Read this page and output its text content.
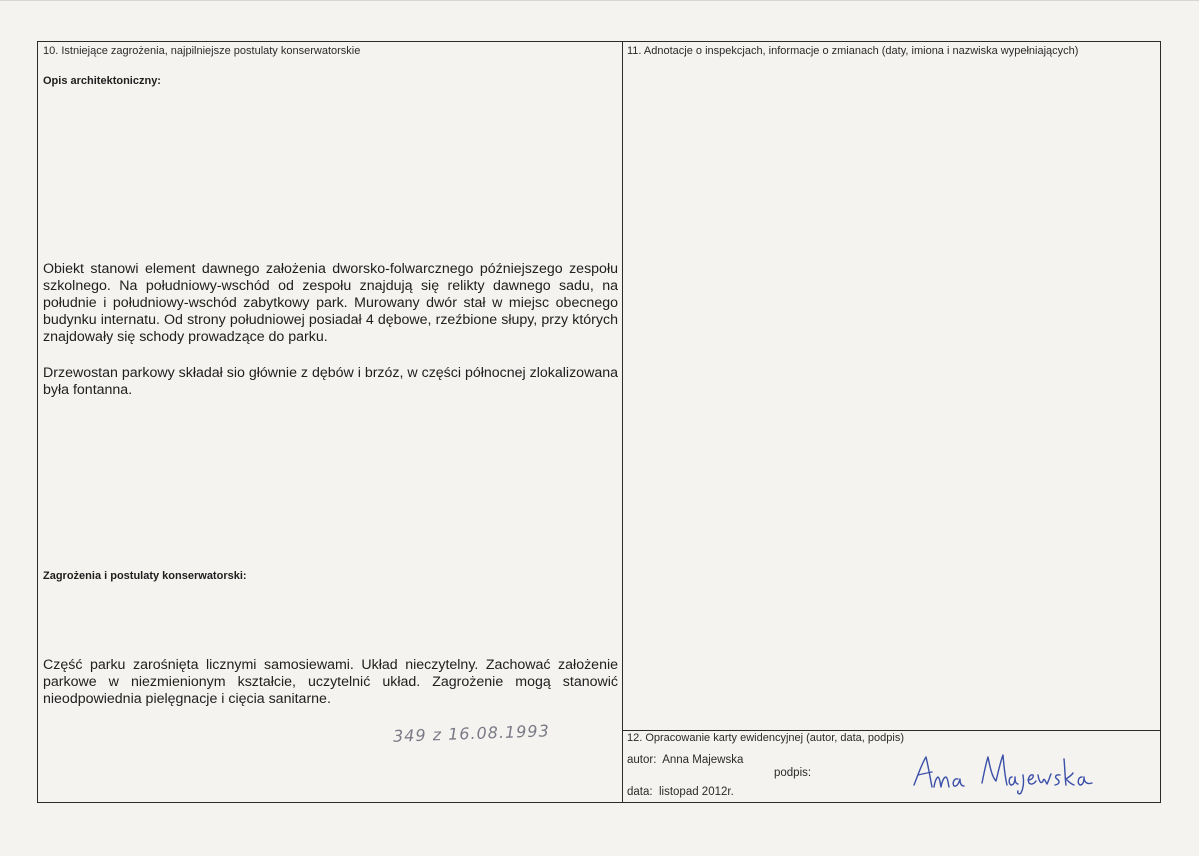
10. Istniejące zagrożenia, najpilniejsze postulaty konserwatorskie
Opis architektoniczny:
Obiekt stanowi element dawnego założenia dworsko-folwarcznego późniejszego zespołu szkolnego. Na południowy-wschód od zespołu znajdują się relikty dawnego sadu, na południe i południowy-wschód zabytkowy park. Murowany dwór stał w miejsc obecnego budynku internatu. Od strony południowej posiadał 4 dębowe, rzeźbione słupy, przy których znajdowały się schody prowadzące do parku.
Drzewostan parkowy składał sio głównie z dębów i brzóz, w części północnej zlokalizowana była fontanna.
Zagrożenia i postulaty konserwatorski:
Część parku zarośnięta licznymi samosiewami. Układ nieczytelny. Zachować założenie parkowe w niezmienionym kształcie, uczytelnić układ. Zagrożenie mogą stanowić nieodpowiednia pielęgnacje i cięcia sanitarne.
349 z 16.08.1993
11. Adnotacje o inspekcjach, informacje o zmianach (daty, imiona i nazwiska wypełniających)
12. Opracowanie karty ewidencyjnej (autor, data, podpis)
autor: Anna Majewska
podpis:
data: listopad 2012r.
